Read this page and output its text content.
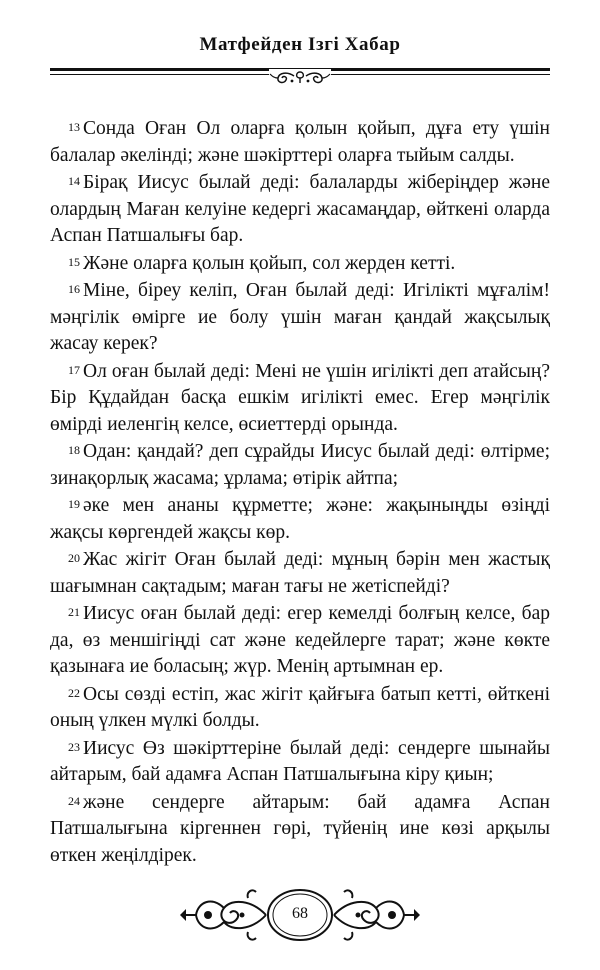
Матфейден Ізгі Хабар

$^{13}$ Сонда Оған Ол оларға қолын қойып, дұға ету үшін балалар әкелінді; және шәкірттері оларға тыйым салды.

$^{14}$ Бірақ Иисус былай деді: балаларды жіберіңдер және олардың Маған келуіне кедергі жасамаңдар, өйткені оларда Аспан Патшалығы бар.

$^{15}$ Және оларға қолын қойып, сол жерден кетті.

$^{16}$ Міне, біреу келіп, Оған былай деді: Игілікті мұғалім! мәңгілік өмірге ие болу үшін маған қандай жақсылық жасау керек?

$^{17}$ Ол оған былай деді: Мені не үшін игілікті деп атайсың? Бір Құдайдан басқа ешкім игілікті емес. Егер мәңгілік өмірді иеленгің келсе, өсиеттерді орында.

$^{18}$ Одан: қандай? деп сұрайды Иисус былай деді: өлтірме; зинақорлық жасама; ұрлама; өтірік айтпа;

$^{19}$ әке мен ананы құрметте; және: жақыныңды өзіңді жақсы көргендей жақсы көр.

$^{20}$ Жас жігіт Оған былай деді: мұның бәрін мен жастық шағымнан сақтадым; маған тағы не жетіспейді?

$^{21}$ Иисус оған былай деді: егер кемелді болғың келсе, бар да, өз меншігіңді сат және кедейлерге тарат; және көкте қазынаға ие боласың; жүр. Менің артымнан ер.

$^{22}$ Осы сөзді естіп, жас жігіт қайғыға батып кетті, өйткені оның үлкен мүлкі болды.

$^{23}$ Иисус Өз шәкірттеріне былай деді: сендерге шынайы айтарым, бай адамға Аспан Патшалығына кіру қиын;

$^{24}$ және сендерге айтарым: бай адамға Аспан Патшалығына кіргеннен гөрі, түйенің ине көзі арқылы өткен жеңілдірек.

68
